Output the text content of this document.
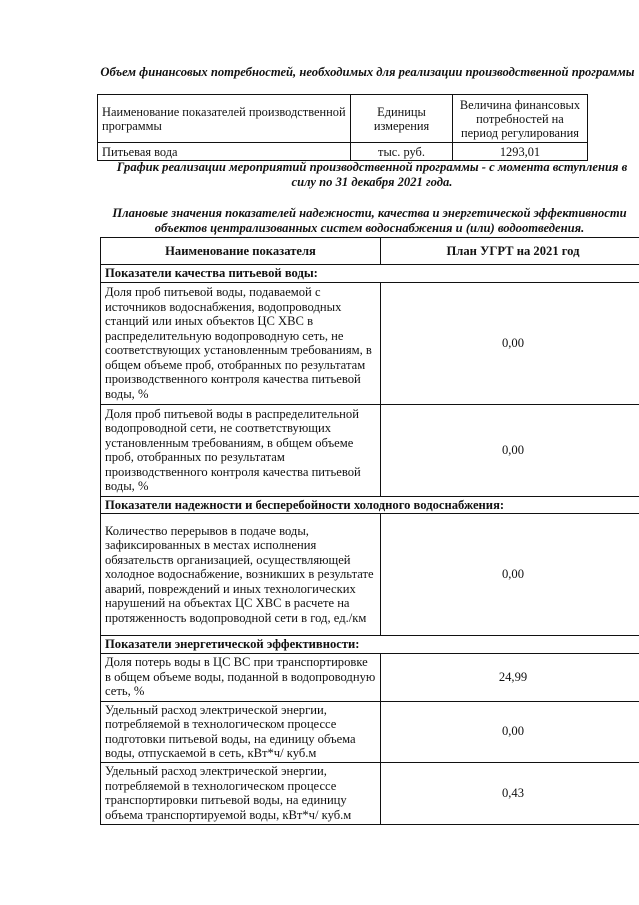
Объем финансовых потребностей, необходимых для реализации производственной программы

Наименование показателей производственной программы	Единицы измерения	Величина финансовых потребностей на период регулирования
Питьевая вода	тыс. руб.	1293,01

График реализации мероприятий производственной программы - с момента вступления в силу по 31 декабря 2021 года.

Плановые значения показателей надежности, качества и энергетической эффективности объектов централизованных систем водоснабжения и (или) водоотведения.

Наименование показателя	План УГРТ на 2021 год
Показатели качества питьевой воды:	
Доля проб питьевой воды, подаваемой с источников водоснабжения, водопроводных станций или иных объектов ЦС ХВС в распределительную водопроводную сеть, не соответствующих установленным требованиям, в общем объеме проб, отобранных по результатам производственного контроля качества питьевой воды, %	0,00
Доля проб питьевой воды в распределительной водопроводной сети, не соответствующих установленным требованиям, в общем объеме проб, отобранных по результатам производственного контроля качества питьевой воды, %	0,00
Показатели надежности и бесперебойности холодного водоснабжения:	
Количество перерывов в подаче воды, зафиксированных в местах исполнения обязательств организацией, осуществляющей холодное водоснабжение, возникших в результате аварий, повреждений и иных технологических нарушений на объектах ЦС ХВС в расчете на протяженность водопроводной сети в год, ед./км	0,00
Показатели энергетической эффективности:	
Доля потерь воды в ЦС ВС при транспортировке в общем объеме воды, поданной в водопроводную сеть, %	24,99
Удельный расход электрической энергии, потребляемой в технологическом процессе подготовки питьевой воды, на единицу объема воды, отпускаемой в сеть, кВт*ч/ куб.м	0,00
Удельный расход электрической энергии, потребляемой в технологическом процессе транспортировки питьевой воды, на единицу объема транспортируемой воды, кВт*ч/ куб.м	0,43
